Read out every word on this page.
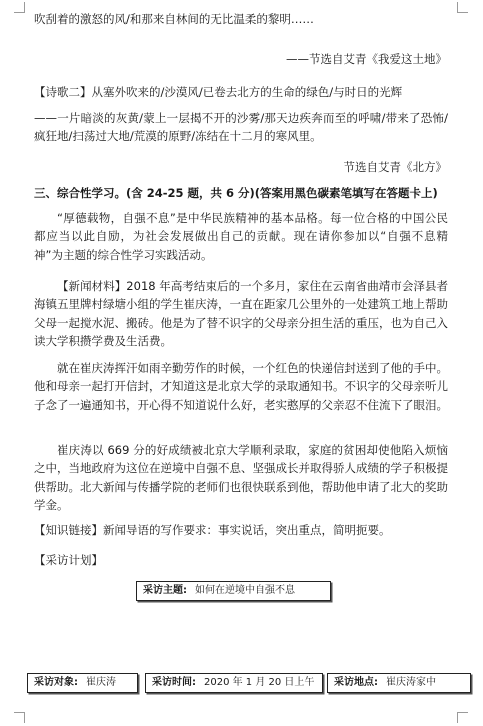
吹刮着的激怒的风/和那来自林间的无比温柔的黎明……
——节选自艾青《我爱这土地》
【诗歌二】从塞外吹来的/沙漠风/已卷去北方的生命的绿色/与时日的光辉
——一片暗淡的灰黄/蒙上一层揭不开的沙雾/那天边疾奔而至的呼啸/带来了恐怖/疯狂地/扫荡过大地/荒漠的原野/冻结在十二月的寒风里。
节选自艾青《北方》
三、综合性学习。(含 24-25 题，共 6 分)(答案用黑色碳素笔填写在答题卡上)
“厚德载物，自强不息”是中华民族精神的基本品格。每一位合格的中国公民都应当以此自励，为社会发展做出自己的贡献。现在请你参加以“自强不息精神”为主题的综合性学习实践活动。
【新闻材料】2018 年高考结束后的一个多月，家住在云南省曲靖市会泽县者海镇五里牌村绿塘小组的学生崔庆涛，一直在距家几公里外的一处建筑工地上帮助父母一起搅水泥、搬砖。他是为了替不识字的父母亲分担生活的重压，也为自己入读大学积攒学费及生活费。
就在崔庆涛挥汗如雨辛勤劳作的时候，一个红色的快递信封送到了他的手中。他和母亲一起打开信封，才知道这是北京大学的录取通知书。不识字的父母亲听儿子念了一遍通知书，开心得不知道说什么好，老实憨厚的父亲忍不住流下了眼泪。
崔庆涛以 669 分的好成绩被北京大学顺利录取，家庭的贫困却使他陷入烦恼之中，当地政府为这位在逆境中自强不息、坚强成长并取得骄人成绩的学子积极提供帮助。北大新闻与传播学院的老师们也很快联系到他，帮助他申请了北大的奖助学金。
【知识链接】新闻导语的写作要求：事实说话，突出重点，简明扼要。
【采访计划】
采访主题: 如何在逆境中自强不息
采访对象: 崔庆涛	采访时间: 2020 年 1 月 20 日上午	采访地点: 崔庆涛家中
